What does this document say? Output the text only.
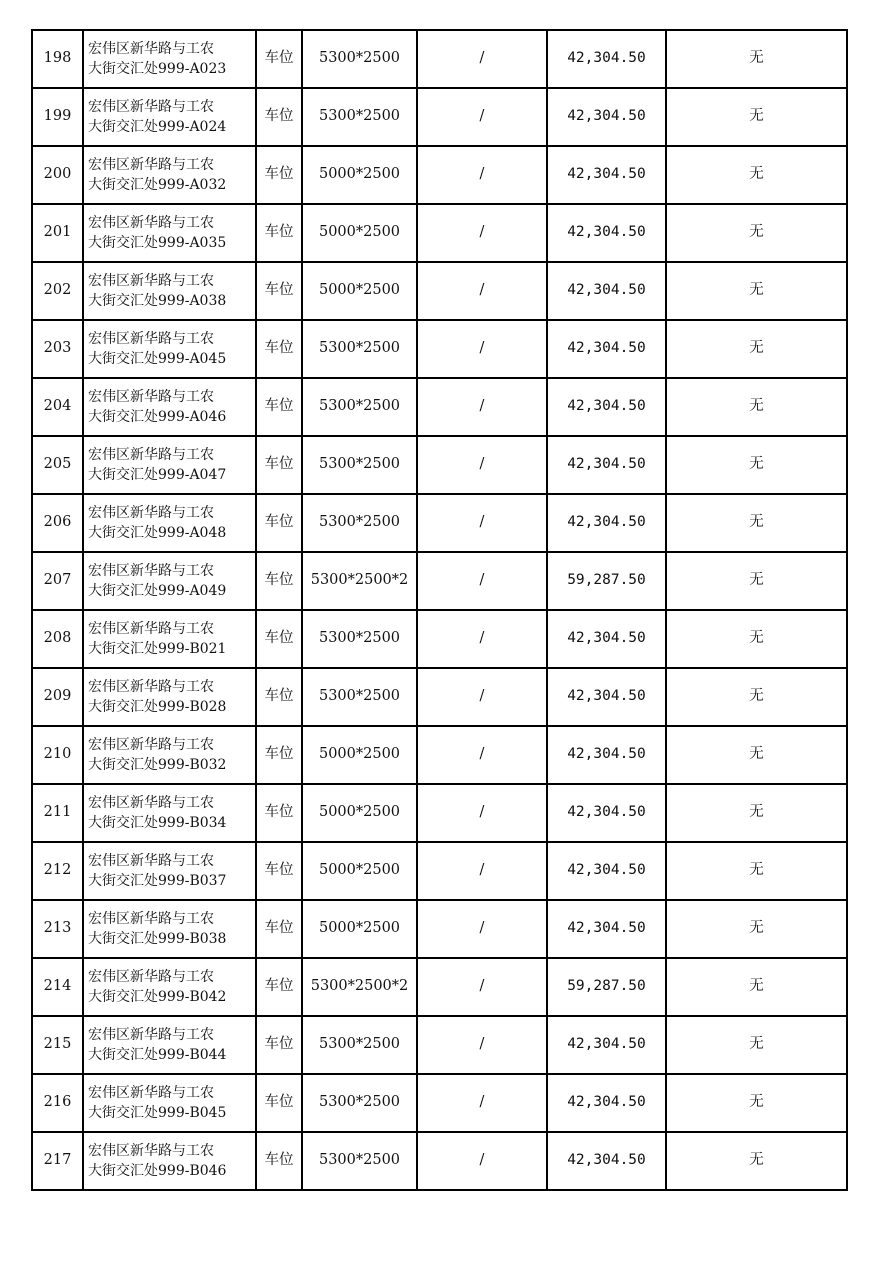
198	宏伟区新华路与工农
大街交汇处999-A023	车位	5300*2500	/	42,304.50	无
199	宏伟区新华路与工农
大街交汇处999-A024	车位	5300*2500	/	42,304.50	无
200	宏伟区新华路与工农
大街交汇处999-A032	车位	5000*2500	/	42,304.50	无
201	宏伟区新华路与工农
大街交汇处999-A035	车位	5000*2500	/	42,304.50	无
202	宏伟区新华路与工农
大街交汇处999-A038	车位	5000*2500	/	42,304.50	无
203	宏伟区新华路与工农
大街交汇处999-A045	车位	5300*2500	/	42,304.50	无
204	宏伟区新华路与工农
大街交汇处999-A046	车位	5300*2500	/	42,304.50	无
205	宏伟区新华路与工农
大街交汇处999-A047	车位	5300*2500	/	42,304.50	无
206	宏伟区新华路与工农
大街交汇处999-A048	车位	5300*2500	/	42,304.50	无
207	宏伟区新华路与工农
大街交汇处999-A049	车位	5300*2500*2	/	59,287.50	无
208	宏伟区新华路与工农
大街交汇处999-B021	车位	5300*2500	/	42,304.50	无
209	宏伟区新华路与工农
大街交汇处999-B028	车位	5300*2500	/	42,304.50	无
210	宏伟区新华路与工农
大街交汇处999-B032	车位	5000*2500	/	42,304.50	无
211	宏伟区新华路与工农
大街交汇处999-B034	车位	5000*2500	/	42,304.50	无
212	宏伟区新华路与工农
大街交汇处999-B037	车位	5000*2500	/	42,304.50	无
213	宏伟区新华路与工农
大街交汇处999-B038	车位	5000*2500	/	42,304.50	无
214	宏伟区新华路与工农
大街交汇处999-B042	车位	5300*2500*2	/	59,287.50	无
215	宏伟区新华路与工农
大街交汇处999-B044	车位	5300*2500	/	42,304.50	无
216	宏伟区新华路与工农
大街交汇处999-B045	车位	5300*2500	/	42,304.50	无
217	宏伟区新华路与工农
大街交汇处999-B046	车位	5300*2500	/	42,304.50	无
